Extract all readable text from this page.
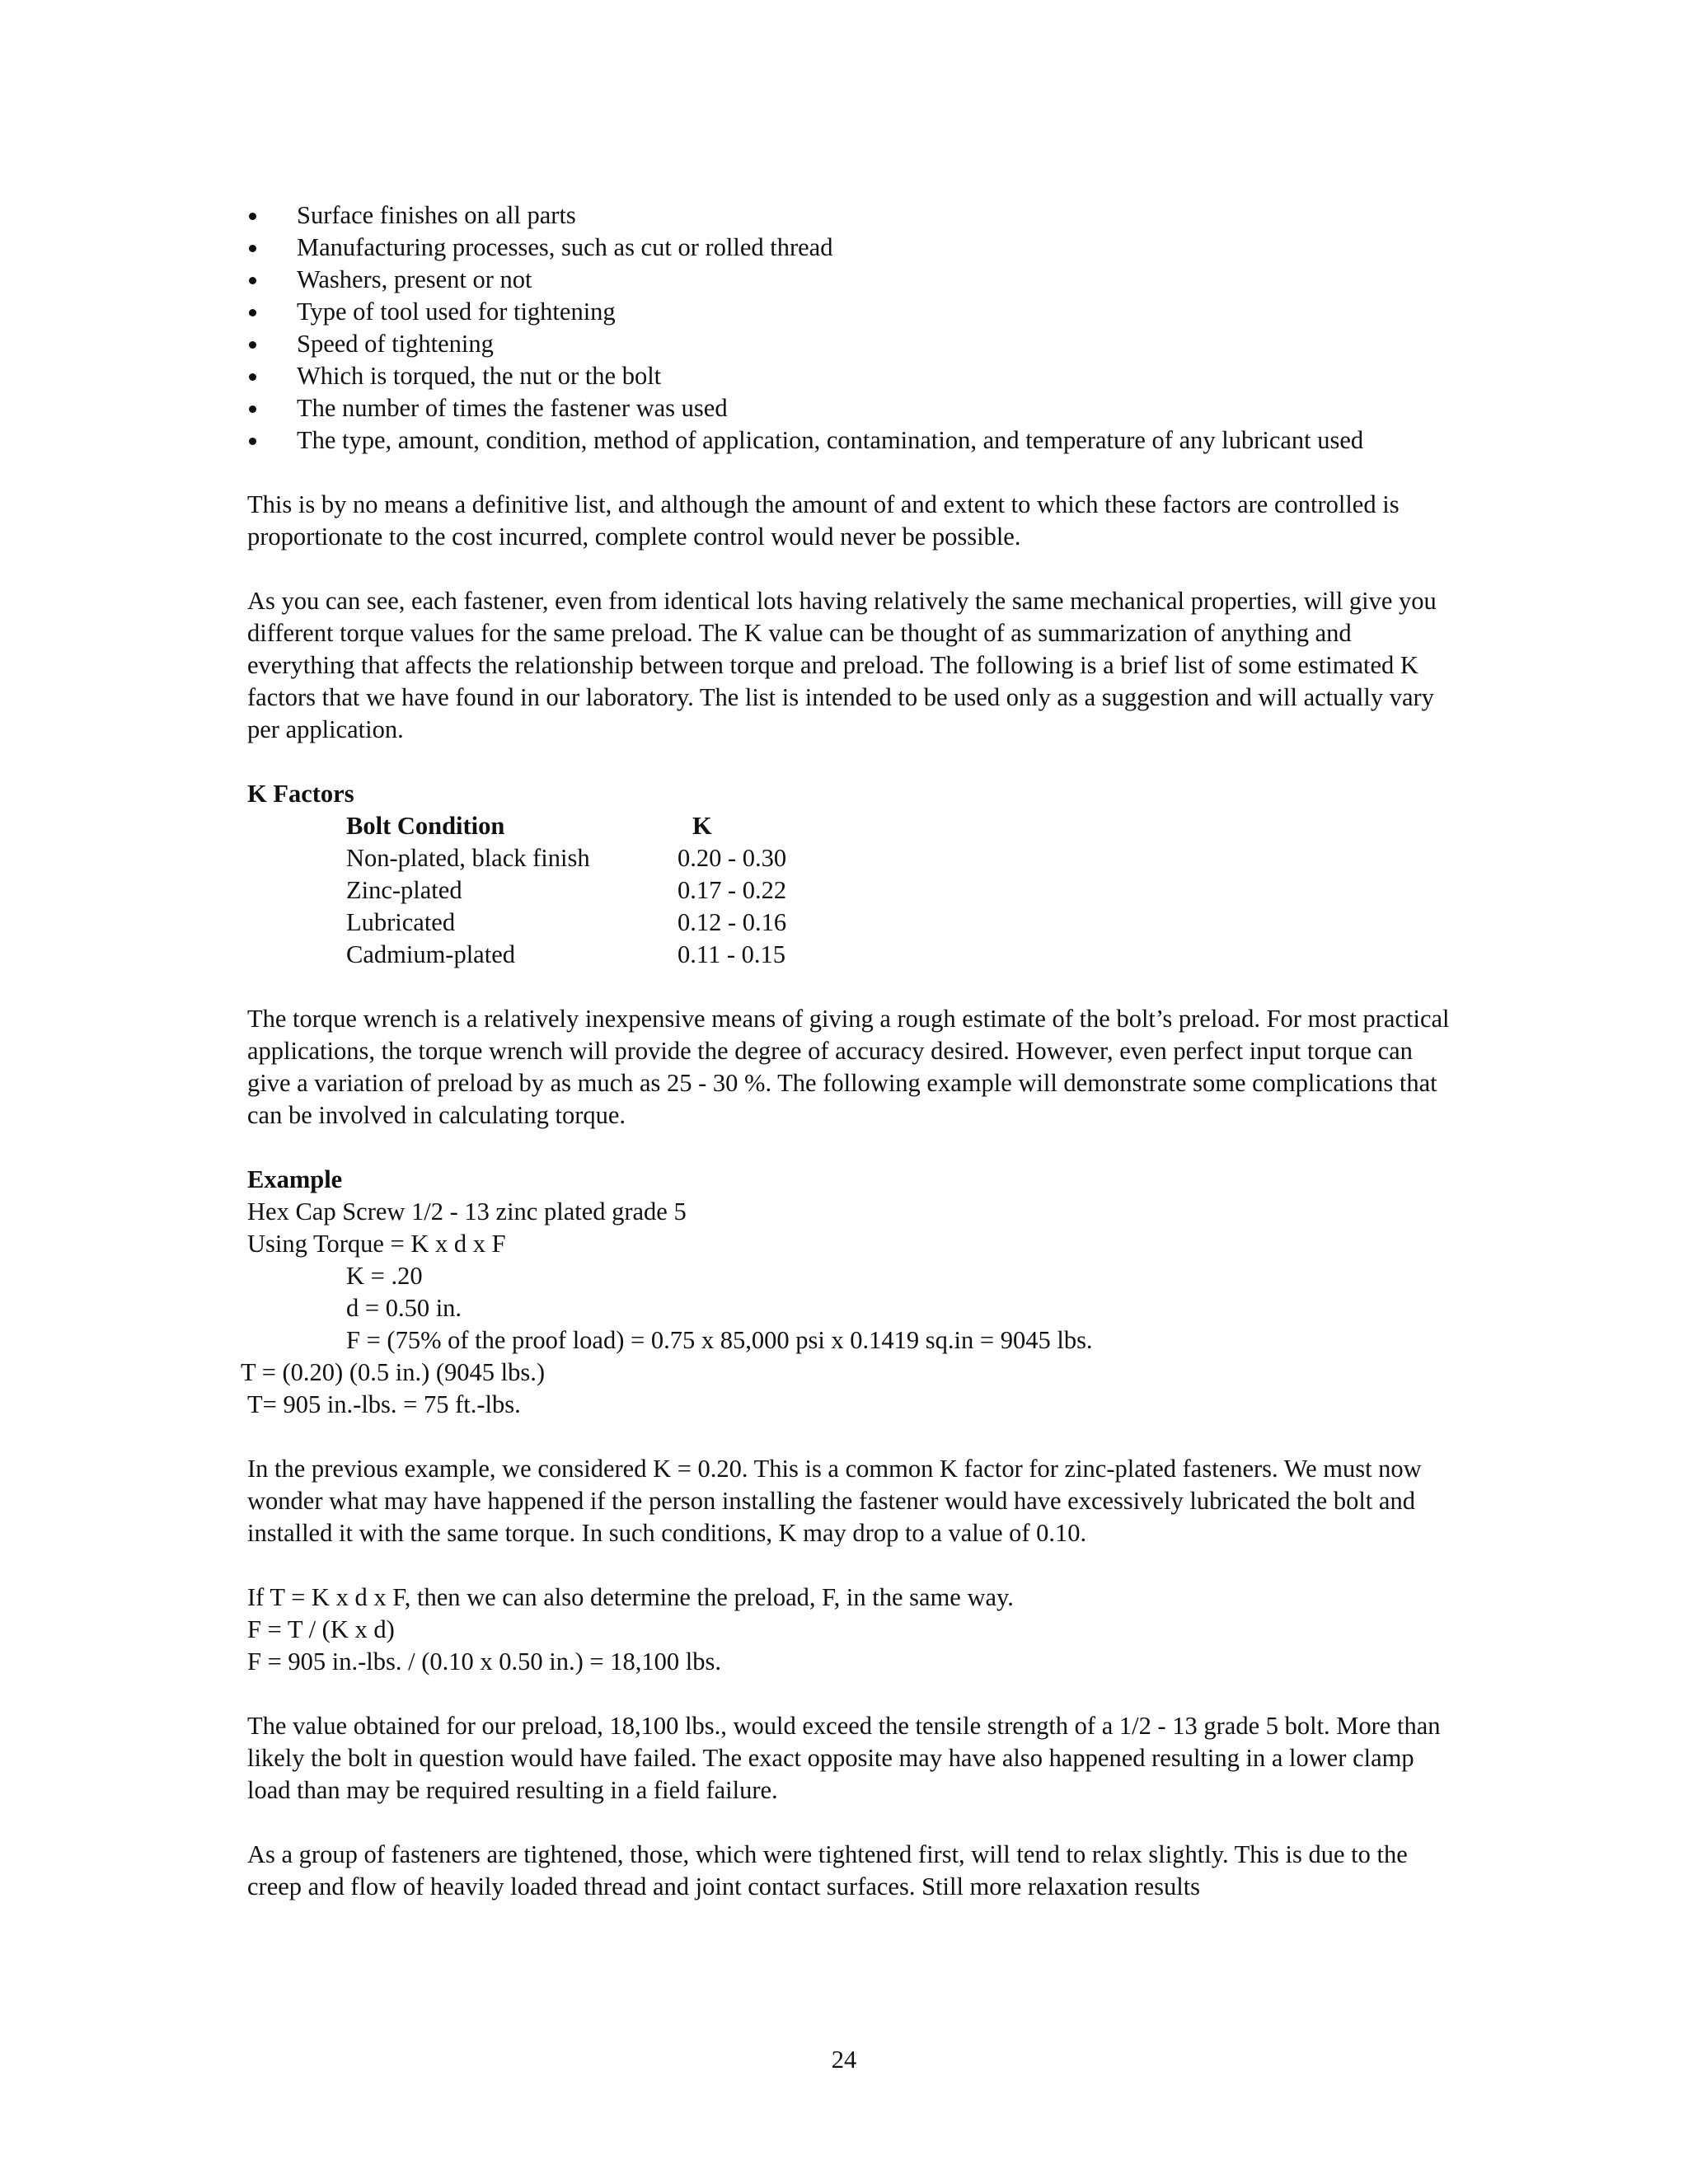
Surface finishes on all parts
Manufacturing processes, such as cut or rolled thread
Washers, present or not
Type of tool used for tightening
Speed of tightening
Which is torqued, the nut or the bolt
The number of times the fastener was used
The type, amount, condition, method of application, contamination, and temperature of any lubricant used

This is by no means a definitive list, and although the amount of and extent to which these factors are controlled is proportionate to the cost incurred, complete control would never be possible.

As you can see, each fastener, even from identical lots having relatively the same mechanical properties, will give you different torque values for the same preload. The K value can be thought of as summarization of anything and everything that affects the relationship between torque and preload. The following is a brief list of some estimated K factors that we have found in our laboratory. The list is intended to be used only as a suggestion and will actually vary per application.

K Factors

Bolt Condition	K
Non-plated, black finish	0.20 - 0.30
Zinc-plated	0.17 - 0.22
Lubricated	0.12 - 0.16
Cadmium-plated	0.11 - 0.15

The torque wrench is a relatively inexpensive means of giving a rough estimate of the bolt’s preload. For most practical applications, the torque wrench will provide the degree of accuracy desired. However, even perfect input torque can give a variation of preload by as much as 25 - 30 %. The following example will demonstrate some complications that can be involved in calculating torque.

Example

Hex Cap Screw 1/2 - 13 zinc plated grade 5

Using Torque = K x d x F

K = .20

d = 0.50 in.

F = (75% of the proof load) = 0.75 x 85,000 psi x 0.1419 sq.in = 9045 lbs.

T = (0.20) (0.5 in.) (9045 lbs.)

T= 905 in.-lbs. = 75 ft.-lbs.

In the previous example, we considered K = 0.20. This is a common K factor for zinc-plated fasteners. We must now wonder what may have happened if the person installing the fastener would have excessively lubricated the bolt and installed it with the same torque. In such conditions, K may drop to a value of 0.10.

If T = K x d x F, then we can also determine the preload, F, in the same way.

F = T / (K x d)

F = 905 in.-lbs. / (0.10 x 0.50 in.) = 18,100 lbs.

The value obtained for our preload, 18,100 lbs., would exceed the tensile strength of a 1/2 - 13 grade 5 bolt. More than likely the bolt in question would have failed. The exact opposite may have also happened resulting in a lower clamp load than may be required resulting in a field failure.

As a group of fasteners are tightened, those, which were tightened first, will tend to relax slightly. This is due to the creep and flow of heavily loaded thread and joint contact surfaces. Still more relaxation results

24
